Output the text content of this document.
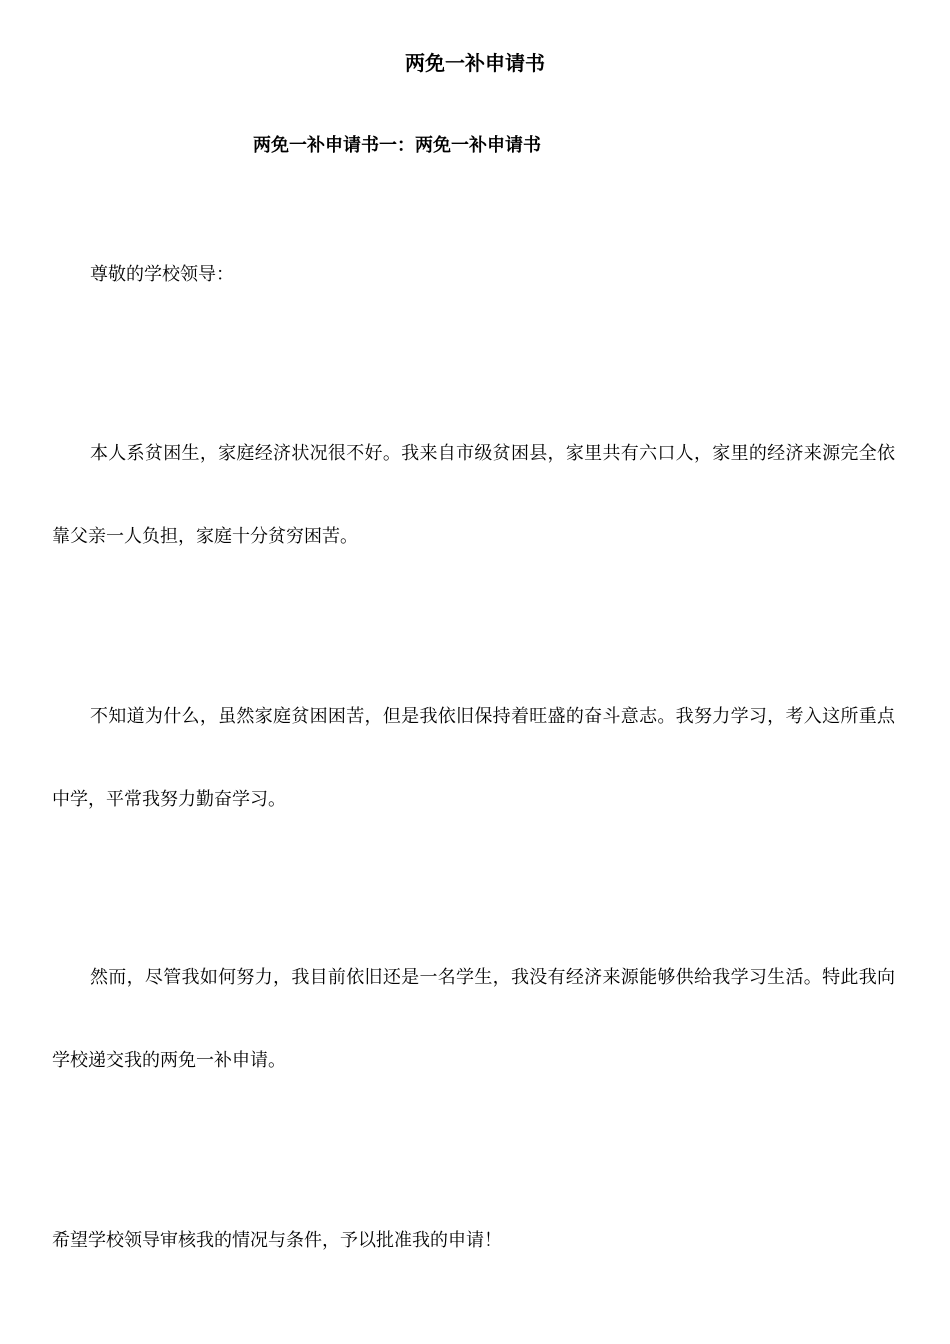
两免一补申请书
两免一补申请书一：两免一补申请书
尊敬的学校领导：

本人系贫困生，家庭经济状况很不好。我来自市级贫困县，家里共有六口人，家里的经济来源完全依靠父亲一人负担，家庭十分贫穷困苦。

不知道为什么，虽然家庭贫困困苦，但是我依旧保持着旺盛的奋斗意志。我努力学习，考入这所重点中学，平常我努力勤奋学习。

然而，尽管我如何努力，我目前依旧还是一名学生，我没有经济来源能够供给我学习生活。特此我向学校递交我的两免一补申请。

希望学校领导审核我的情况与条件，予以批准我的申请！
